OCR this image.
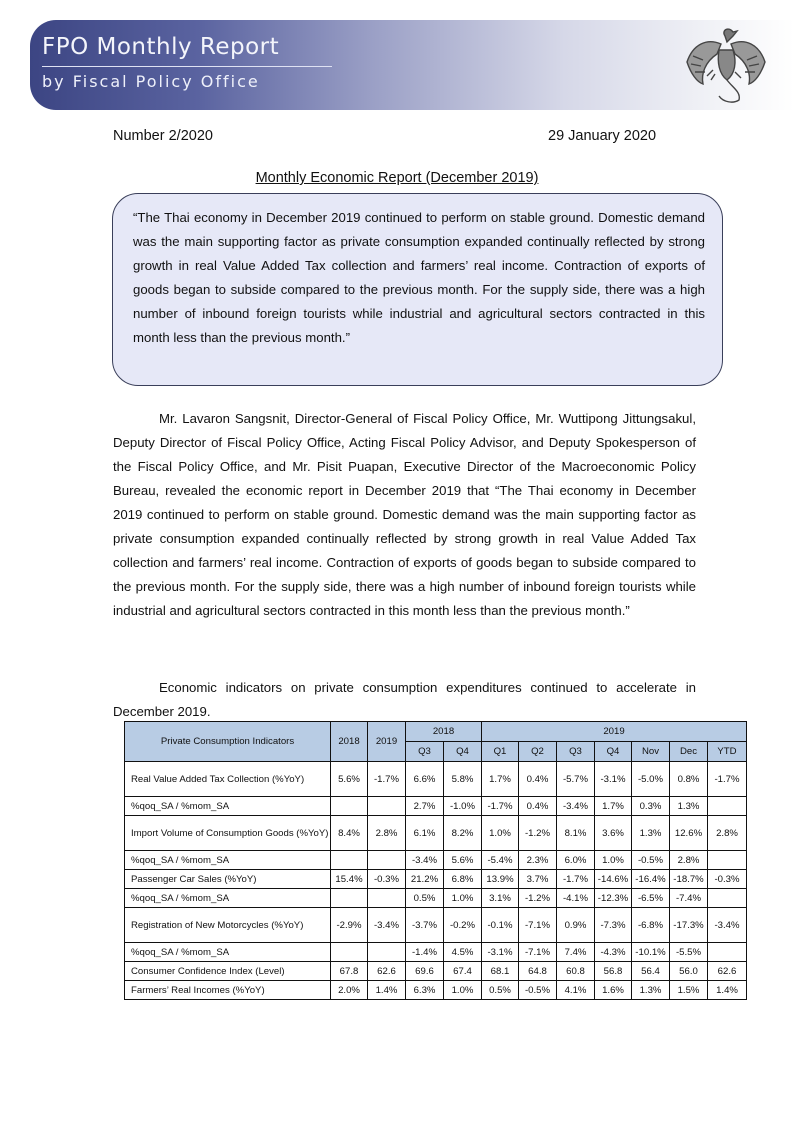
FPO Monthly Report
by Fiscal Policy Office
Number 2/2020	29 January 2020
Monthly Economic Report (December 2019)
“The Thai economy in December 2019 continued to perform on stable ground. Domestic demand was the main supporting factor as private consumption expanded continually reflected by strong growth in real Value Added Tax collection and farmers’ real income. Contraction of exports of goods began to subside compared to the previous month. For the supply side, there was a high number of inbound foreign tourists while industrial and agricultural sectors contracted in this month less than the previous month.”
Mr. Lavaron Sangsnit, Director-General of Fiscal Policy Office, Mr. Wuttipong Jittungsakul, Deputy Director of Fiscal Policy Office, Acting Fiscal Policy Advisor, and Deputy Spokesperson of the Fiscal Policy Office, and Mr. Pisit Puapan, Executive Director of the Macroeconomic Policy Bureau, revealed the economic report in December 2019 that “The Thai economy in December 2019 continued to perform on stable ground. Domestic demand was the main supporting factor as private consumption expanded continually reflected by strong growth in real Value Added Tax collection and farmers’ real income. Contraction of exports of goods began to subside compared to the previous month. For the supply side, there was a high number of inbound foreign tourists while industrial and agricultural sectors contracted in this month less than the previous month.”
Economic indicators on private consumption expenditures continued to accelerate in December 2019.
Private Consumption Indicators	2018	2019	2018		2019						
			Q3	Q4	Q1	Q2	Q3	Q4	Nov	Dec	YTD
Real Value Added Tax Collection (%YoY)	5.6%	-1.7%	6.6%	5.8%	1.7%	0.4%	-5.7%	-3.1%	-5.0%	0.8%	-1.7%
%qoq_SA / %mom_SA			2.7%	-1.0%	-1.7%	0.4%	-3.4%	1.7%	0.3%	1.3%	
Import Volume of Consumption Goods (%YoY)	8.4%	2.8%	6.1%	8.2%	1.0%	-1.2%	8.1%	3.6%	1.3%	12.6%	2.8%
%qoq_SA / %mom_SA			-3.4%	5.6%	-5.4%	2.3%	6.0%	1.0%	-0.5%	2.8%	
Passenger Car Sales (%YoY)	15.4%	-0.3%	21.2%	6.8%	13.9%	3.7%	-1.7%	-14.6%	-16.4%	-18.7%	-0.3%
%qoq_SA / %mom_SA			0.5%	1.0%	3.1%	-1.2%	-4.1%	-12.3%	-6.5%	-7.4%	
Registration of New Motorcycles (%YoY)	-2.9%	-3.4%	-3.7%	-0.2%	-0.1%	-7.1%	0.9%	-7.3%	-6.8%	-17.3%	-3.4%
%qoq_SA / %mom_SA			-1.4%	4.5%	-3.1%	-7.1%	7.4%	-4.3%	-10.1%	-5.5%	
Consumer Confidence Index (Level)	67.8	62.6	69.6	67.4	68.1	64.8	60.8	56.8	56.4	56.0	62.6
Farmers’ Real Incomes (%YoY)	2.0%	1.4%	6.3%	1.0%	0.5%	-0.5%	4.1%	1.6%	1.3%	1.5%	1.4%
